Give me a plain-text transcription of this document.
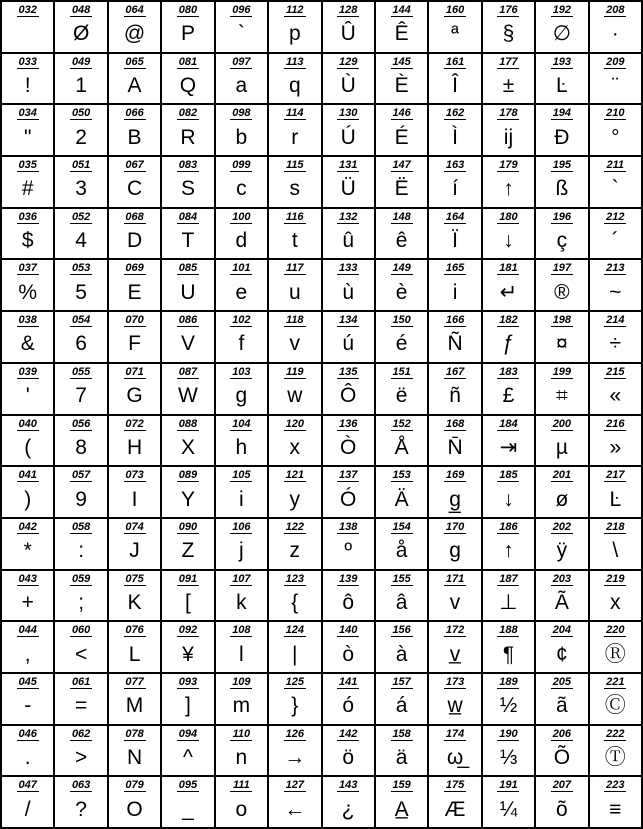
032	048
Ø
064
@
080
P
096
`
112
p
128
Û
144
Ê
160
ª
176
§
192
∅
208
·
033
!
049
1
065
A
081
Q
097
a
113
q
129
Ù
145
È
161
Î
177
±
193
Ŀ
209
¨
034
"
050
2
066
B
082
R
098
b
114
r
130
Ú
146
É
162
Ì
178
ij
194
Đ
210
°
035
#
051
3
067
C
083
S
099
c
115
s
131
Ü
147
Ë
163
í
179
↑
195
ß
211
`
036
$
052
4
068
D
084
T
100
d
116
t
132
û
148
ê
164
Ï
180
↓
196
ç
212
´
037
%
053
5
069
E
085
U
101
e
117
u
133
ù
149
è
165
i
181
↵
197
®
213
~
038
&
054
6
070
F
086
V
102
f
118
v
134
ú
150
é
166
Ñ
182
ƒ
198
¤
214
÷
039
'
055
7
071
G
087
W
103
g
119
w
135
Ô
151
ë
167
ñ
183
£
199
⌗
215
«
040
(
056
8
072
H
088
X
104
h
120
x
136
Ò
152
Å
168
N̄
184
⇥
200
µ
216
»
041
)
057
9
073
I
089
Y
105
i
121
y
137
Ó
153
Ä
169
g̲
185
↓
201
ø
217
Ŀ
042
*
058
:
074
J
090
Z
106
j
122
z
138
º
154
å
170
g
186
↑
202
ÿ
218
\
043
+
059
;
075
K
091
[
107
k
123
{
139
ô
155
â
171
v
187
⊥
203
Ã
219
x
044
,
060
<
076
L
092
¥
108
l
124
|
140
ò
156
à
172
v̲
188
¶
204
¢
220
Ⓡ
045
-
061
=
077
M
093
]
109
m
125
}
141
ó
157
á
173
w̲
189
½
205
ã
221
Ⓒ
046
.
062
>
078
N
094
^
110
n
126
→
142
ö
158
ä
174
ω̲
190
⅓
206
Õ
222
Ⓣ
047
/
063
?
079
O
095
_
111
o
127
←
143
¿
159
A̲
175
Æ
191
¼
207
õ
223
≡
